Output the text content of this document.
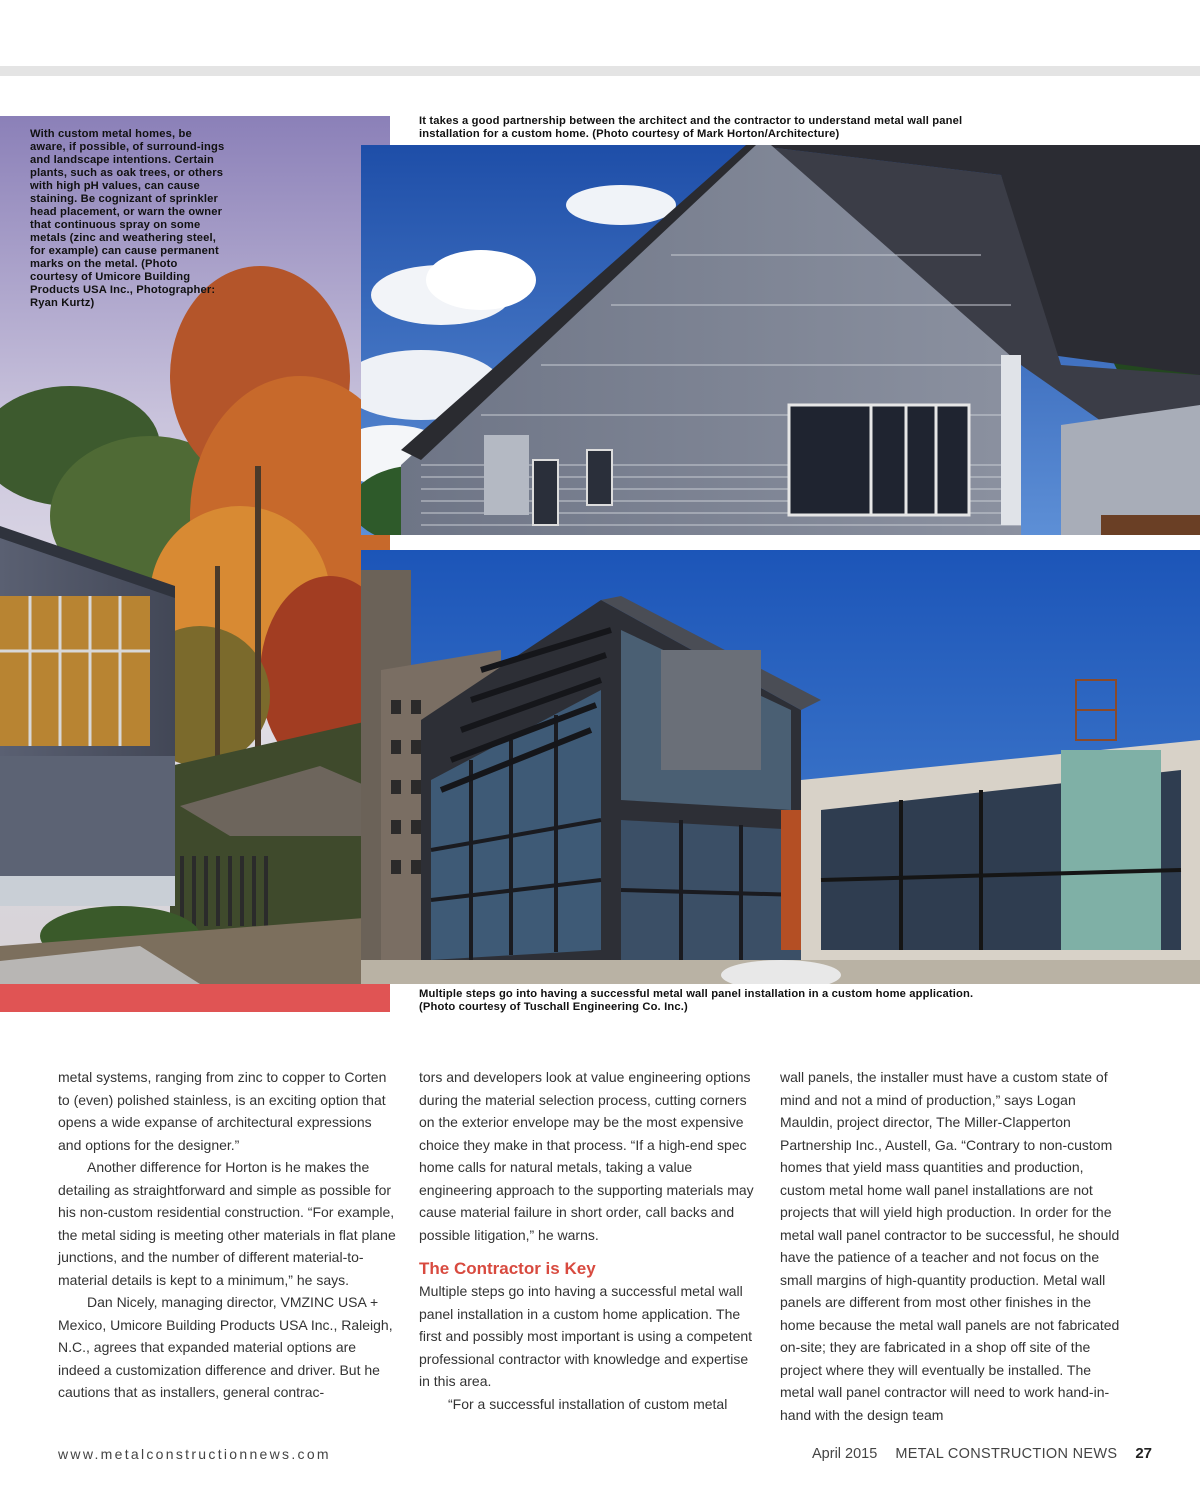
With custom metal homes, be aware, if possible, of surround-ings and landscape intentions. Certain plants, such as oak trees, or others with high pH values, can cause staining. Be cognizant of sprinkler head placement, or warn the owner that continuous spray on some metals (zinc and weathering steel, for example) can cause permanent marks on the metal. (Photo courtesy of Umicore Building Products USA Inc., Photographer: Ryan Kurtz)
It takes a good partnership between the architect and the contractor to understand metal wall panel installation for a custom home. (Photo courtesy of Mark Horton/Architecture)
Multiple steps go into having a successful metal wall panel installation in a custom home application. (Photo courtesy of Tuschall Engineering Co. Inc.)

metal systems, ranging from zinc to copper to Corten to (even) polished stainless, is an exciting option that opens a wide expanse of architectural expressions and options for the designer.”

Another difference for Horton is he makes the detailing as straightforward and simple as possible for his non-custom residential construction. “For example, the metal siding is meeting other materials in flat plane junctions, and the number of different material-to-material details is kept to a minimum,” he says.

Dan Nicely, managing director, VMZINC USA + Mexico, Umicore Building Products USA Inc., Raleigh, N.C., agrees that expanded material options are indeed a customization difference and driver. But he cautions that as installers, general contrac-

tors and developers look at value engineering options during the material selection process, cutting corners on the exterior envelope may be the most expensive choice they make in that process. “If a high-end spec home calls for natural metals, taking a value engineering approach to the supporting materials may cause material failure in short order, call backs and possible litigation,” he warns.

The Contractor is Key

Multiple steps go into having a successful metal wall panel installation in a custom home application. The first and possibly most important is using a competent professional contractor with knowledge and expertise in this area.

“For a successful installation of custom metal

wall panels, the installer must have a custom state of mind and not a mind of production,” says Logan Mauldin, project director, The Miller-Clapperton Partnership Inc., Austell, Ga. “Contrary to non-custom homes that yield mass quantities and production, custom metal home wall panel installations are not projects that will yield high production. In order for the metal wall panel contractor to be successful, he should have the patience of a teacher and not focus on the small margins of high-quantity production. Metal wall panels are different from most other finishes in the home because the metal wall panels are not fabricated on-site; they are fabricated in a shop off site of the project where they will eventually be installed. The metal wall panel contractor will need to work hand-in-hand with the design team

www.metalconstructionnews.com	April 2015 METAL CONSTRUCTION NEWS 27
